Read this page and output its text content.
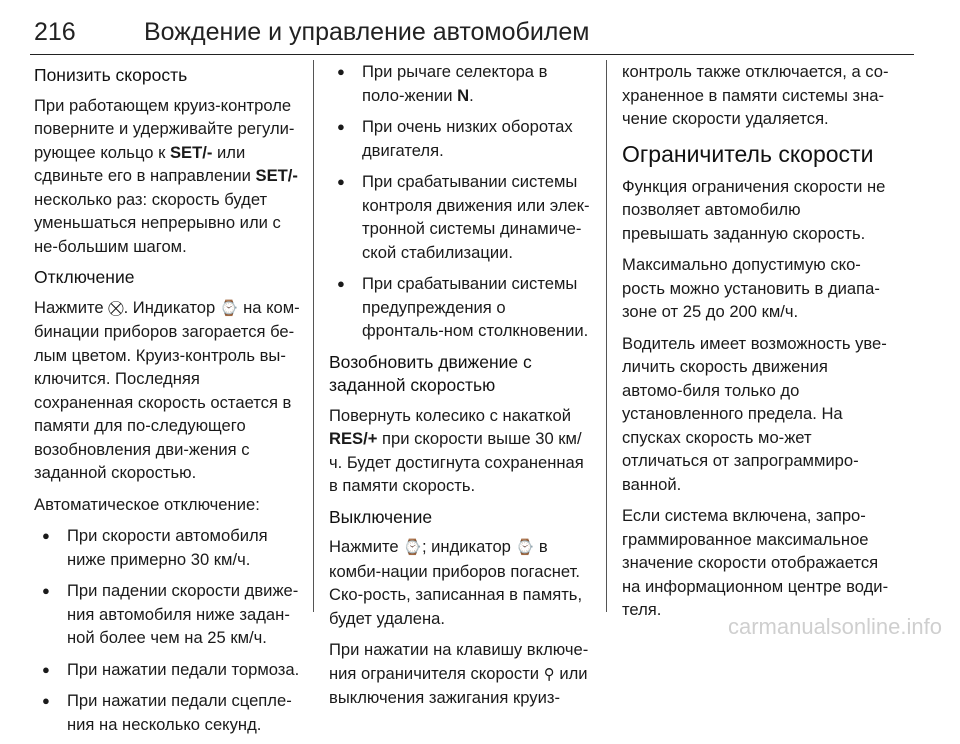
216	Вождение и управление автомобилем
Понизить скорость

При работающем круиз-контроле поверните и удерживайте регули-рующее кольцо к SET/- или сдвиньте его в направлении SET/- несколько раз: скорость будет уменьшаться непрерывно или с не-большим шагом.

Отключение

Нажмите ⛒. Индикатор ⌚ на ком-бинации приборов загорается бе-лым цветом. Круиз-контроль вы-ключится. Последняя сохраненная скорость остается в памяти для по-следующего возобновления дви-жения с заданной скоростью.

Автоматическое отключение:

● При скорости автомобиля ниже примерно 30 км/ч.
● При падении скорости движе-ния автомобиля ниже задан-ной более чем на 25 км/ч.
● При нажатии педали тормоза.
● При нажатии педали сцепле-ния на несколько секунд.
● При рычаге селектора в поло-жении N.
● При очень низких оборотах двигателя.
● При срабатывании системы контроля движения или элек-тронной системы динамиче-ской стабилизации.
● При срабатывании системы предупреждения о фронталь-ном столкновении.
Возобновить движение с заданной скоростью

Повернуть колесико с накаткой RES/+ при скорости выше 30 км/ч. Будет достигнута сохраненная в памяти скорость.

Выключение

Нажмите ⌚; индикатор ⌚ в комби-нации приборов погаснет. Ско-рость, записанная в память, будет удалена.

При нажатии на клавишу включе-ния ограничителя скорости ⚲ или выключения зажигания круиз-

контроль также отключается, а со-храненное в памяти системы зна-чение скорости удаляется.

Ограничитель скорости

Функция ограничения скорости не позволяет автомобилю превышать заданную скорость.

Максимально допустимую ско-рость можно установить в диапа-зоне от 25 до 200 км/ч.

Водитель имеет возможность уве-личить скорость движения автомо-биля только до установленного предела. На спусках скорость мо-жет отличаться от запрограммиро-ванной.

Если система включена, запро-граммированное максимальное значение скорости отображается на информационном центре води-теля.

carmanualsonline.info
